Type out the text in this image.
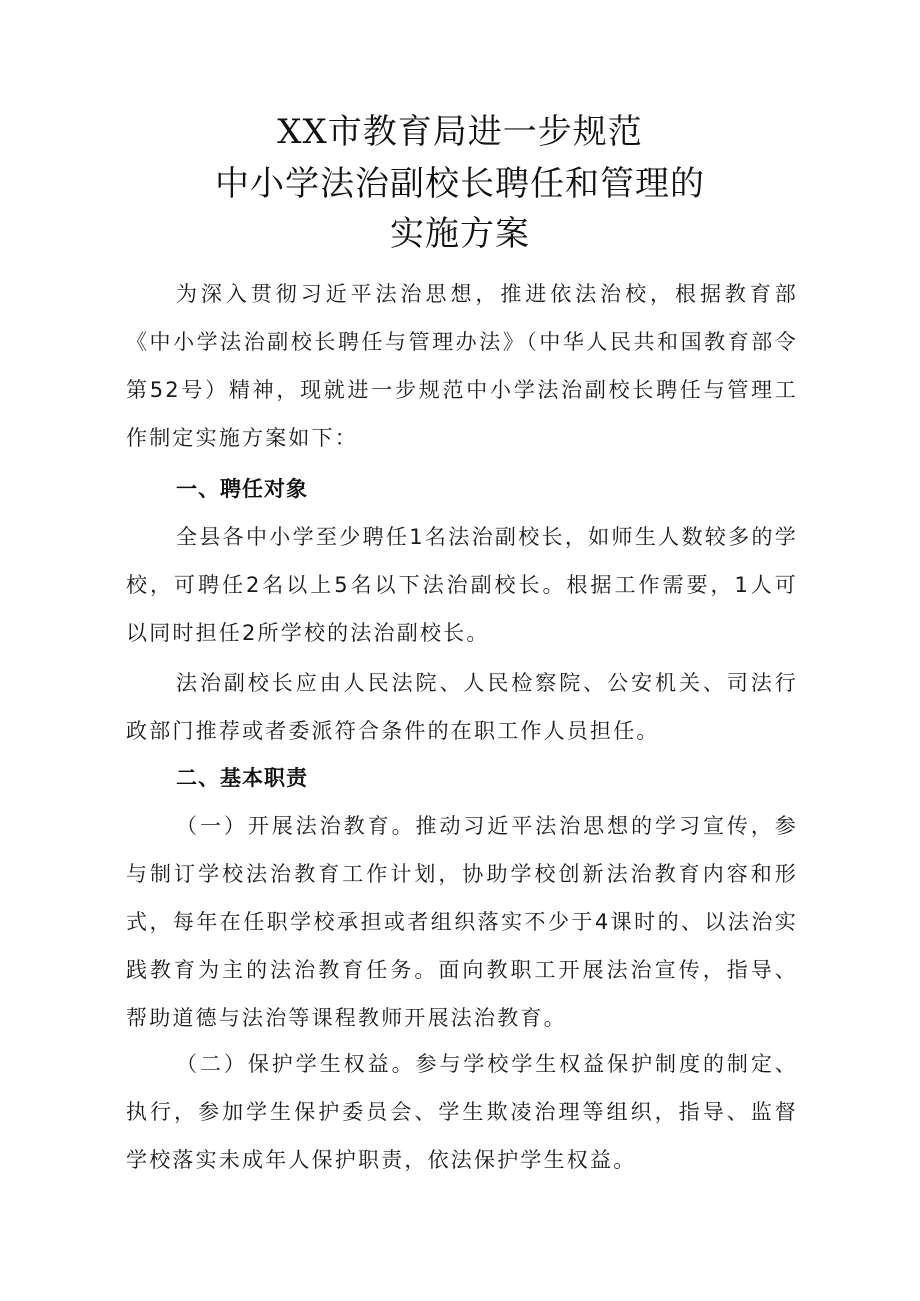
XX市教育局进一步规范
中小学法治副校长聘任和管理的
实施方案
为深入贯彻习近平法治思想，推进依法治校，根据教育部《中小学法治副校长聘任与管理办法》（中华人民共和国教育部令第52号）精神，现就进一步规范中小学法治副校长聘任与管理工作制定实施方案如下：
一、聘任对象
全县各中小学至少聘任1名法治副校长，如师生人数较多的学校，可聘任2名以上5名以下法治副校长。根据工作需要，1人可以同时担任2所学校的法治副校长。
法治副校长应由人民法院、人民检察院、公安机关、司法行政部门推荐或者委派符合条件的在职工作人员担任。
二、基本职责
（一）开展法治教育。推动习近平法治思想的学习宣传，参与制订学校法治教育工作计划，协助学校创新法治教育内容和形式，每年在任职学校承担或者组织落实不少于4课时的、以法治实践教育为主的法治教育任务。面向教职工开展法治宣传，指导、帮助道德与法治等课程教师开展法治教育。
（二）保护学生权益。参与学校学生权益保护制度的制定、执行，参加学生保护委员会、学生欺凌治理等组织，指导、监督学校落实未成年人保护职责，依法保护学生权益。
